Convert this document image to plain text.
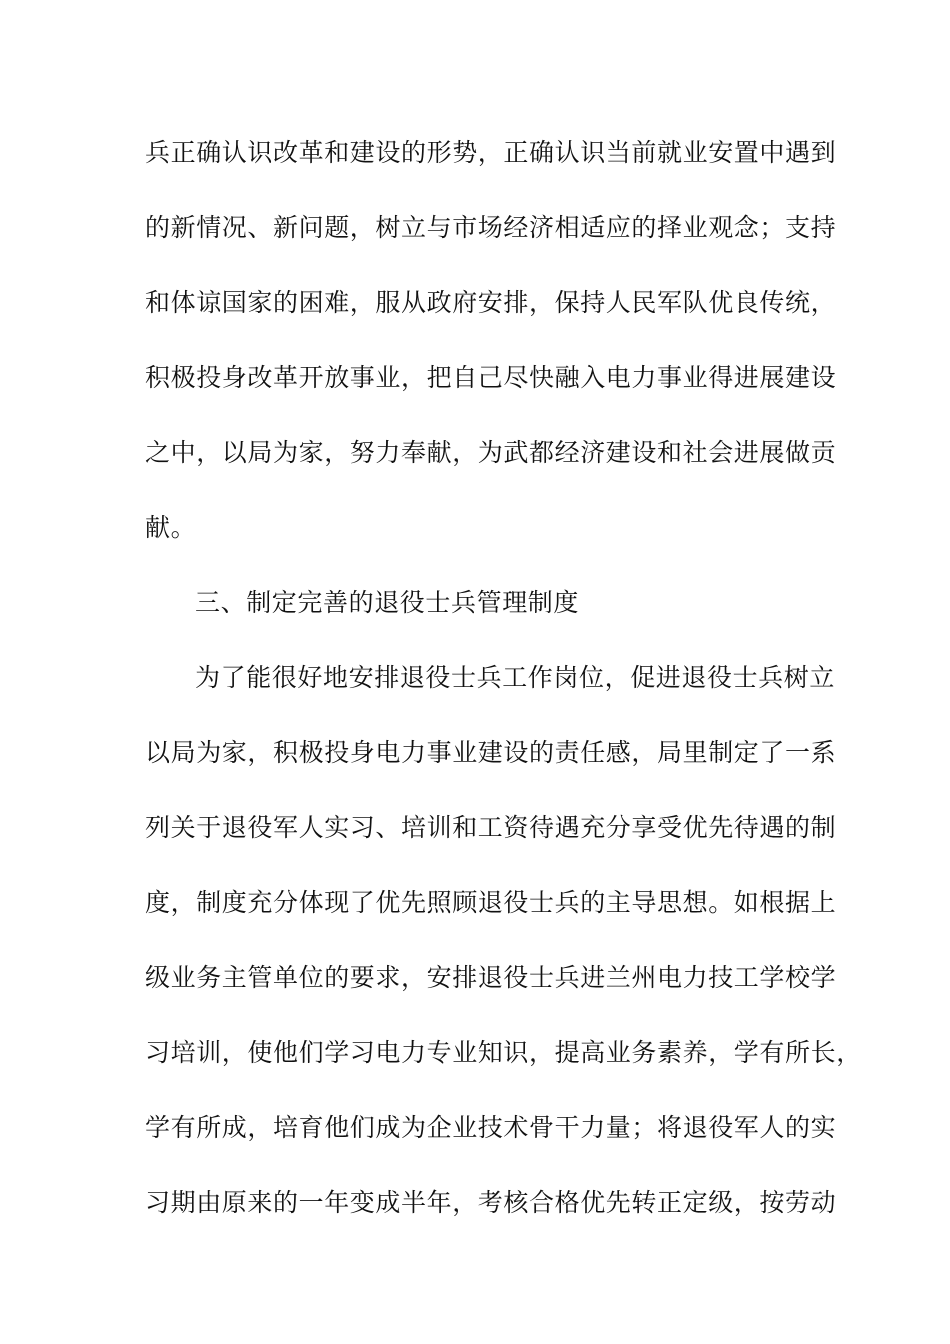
兵正确认识改革和建设的形势，正确认识当前就业安置中遇到
的新情况、新问题，树立与市场经济相适应的择业观念；支持
和体谅国家的困难，服从政府安排，保持人民军队优良传统，
积极投身改革开放事业，把自己尽快融入电力事业得进展建设
之中，以局为家，努力奉献，为武都经济建设和社会进展做贡
献。
三、制定完善的退役士兵管理制度
为了能很好地安排退役士兵工作岗位，促进退役士兵树立
以局为家，积极投身电力事业建设的责任感，局里制定了一系
列关于退役军人实习、培训和工资待遇充分享受优先待遇的制
度，制度充分体现了优先照顾退役士兵的主导思想。如根据上
级业务主管单位的要求，安排退役士兵进兰州电力技工学校学
习培训，使他们学习电力专业知识，提高业务素养，学有所长，
学有所成，培育他们成为企业技术骨干力量；将退役军人的实
习期由原来的一年变成半年，考核合格优先转正定级，按劳动
